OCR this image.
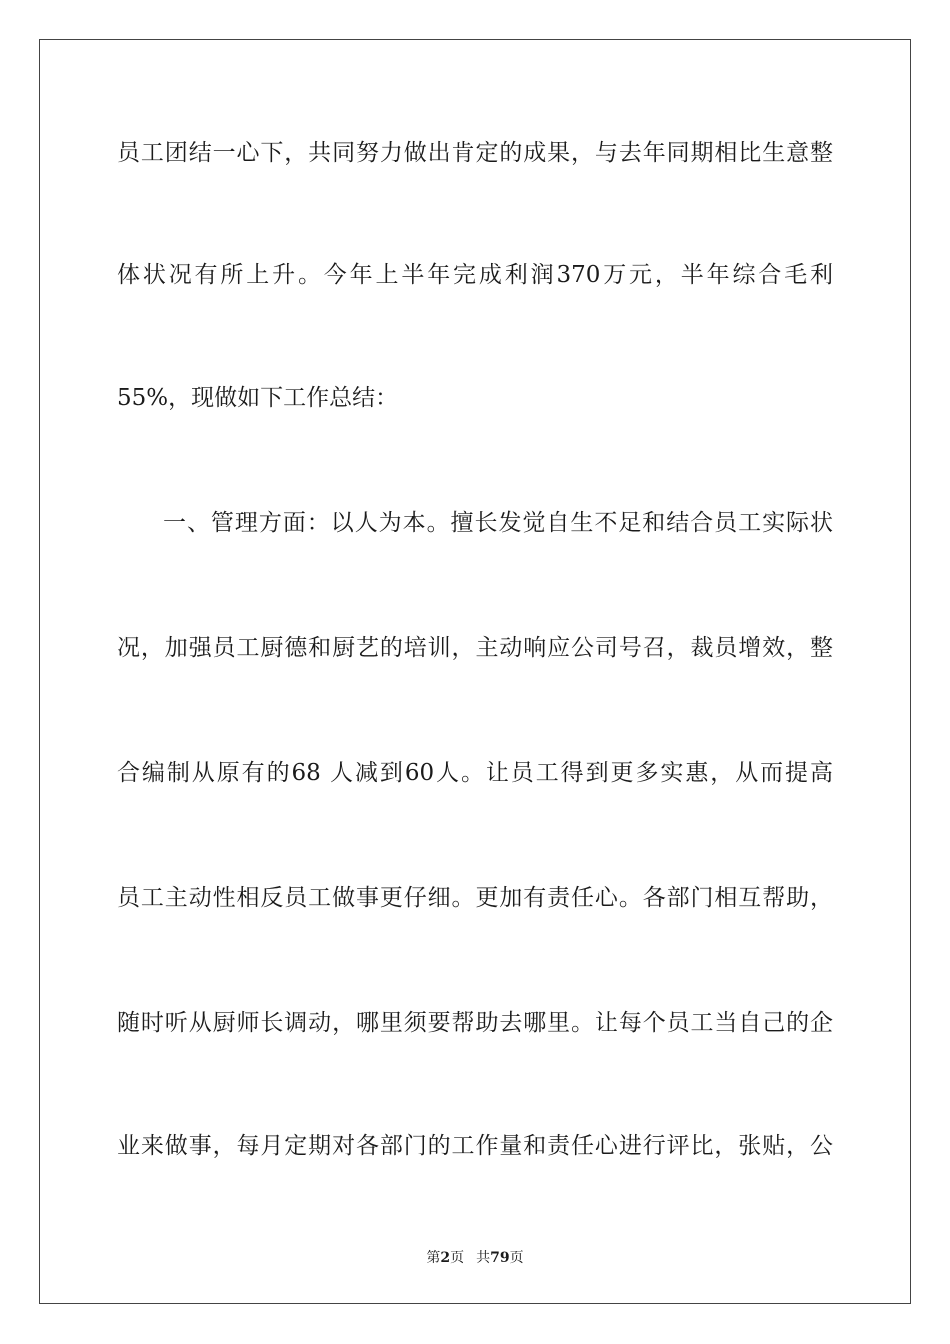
员工团结一心下，共同努力做出肯定的成果，与去年同期相比生意整
体状况有所上升。今年上半年完成利润370万元，半年综合毛利
55%，现做如下工作总结：
一、管理方面：以人为本。擅长发觉自生不足和结合员工实际状
况，加强员工厨德和厨艺的培训，主动响应公司号召，裁员增效，整
合编制从原有的68 人减到60人。让员工得到更多实惠，从而提高
员工主动性相反员工做事更仔细。更加有责任心。各部门相互帮助，
随时听从厨师长调动，哪里须要帮助去哪里。让每个员工当自己的企
业来做事，每月定期对各部门的工作量和责任心进行评比，张贴，公
第2页 共79页
